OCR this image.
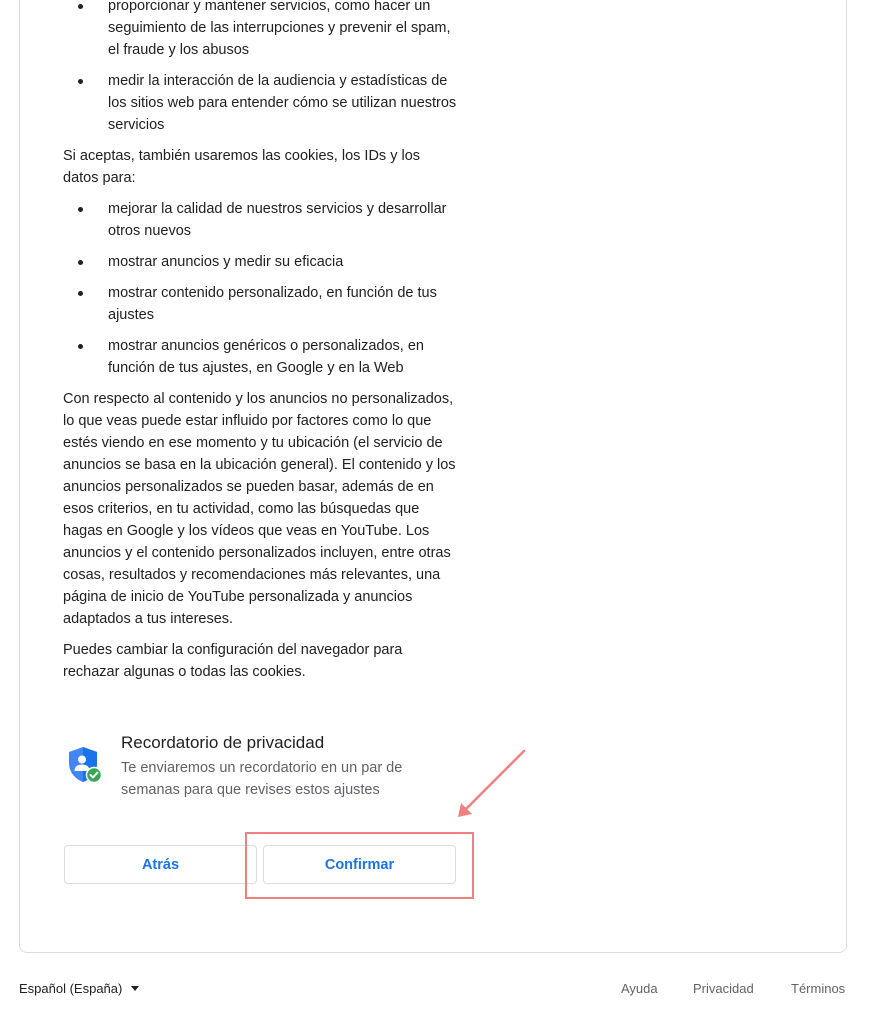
proporcionar y mantener servicios, como hacer un seguimiento de las interrupciones y prevenir el spam, el fraude y los abusos
medir la interacción de la audiencia y estadísticas de los sitios web para entender cómo se utilizan nuestros servicios

Si aceptas, también usaremos las cookies, los IDs y los datos para:

mejorar la calidad de nuestros servicios y desarrollar otros nuevos
mostrar anuncios y medir su eficacia
mostrar contenido personalizado, en función de tus ajustes
mostrar anuncios genéricos o personalizados, en función de tus ajustes, en Google y en la Web

Con respecto al contenido y los anuncios no personalizados, lo que veas puede estar influido por factores como lo que estés viendo en ese momento y tu ubicación (el servicio de anuncios se basa en la ubicación general). El contenido y los anuncios personalizados se pueden basar, además de en esos criterios, en tu actividad, como las búsquedas que hagas en Google y los vídeos que veas en YouTube. Los anuncios y el contenido personalizados incluyen, entre otras cosas, resultados y recomendaciones más relevantes, una página de inicio de YouTube personalizada y anuncios adaptados a tus intereses.

Puedes cambiar la configuración del navegador para rechazar algunas o todas las cookies.

Recordatorio de privacidad
Te enviaremos un recordatorio en un par de semanas para que revises estos ajustes
Atrás	Confirmar
Español (España)	Ayuda	Privacidad	Términos
